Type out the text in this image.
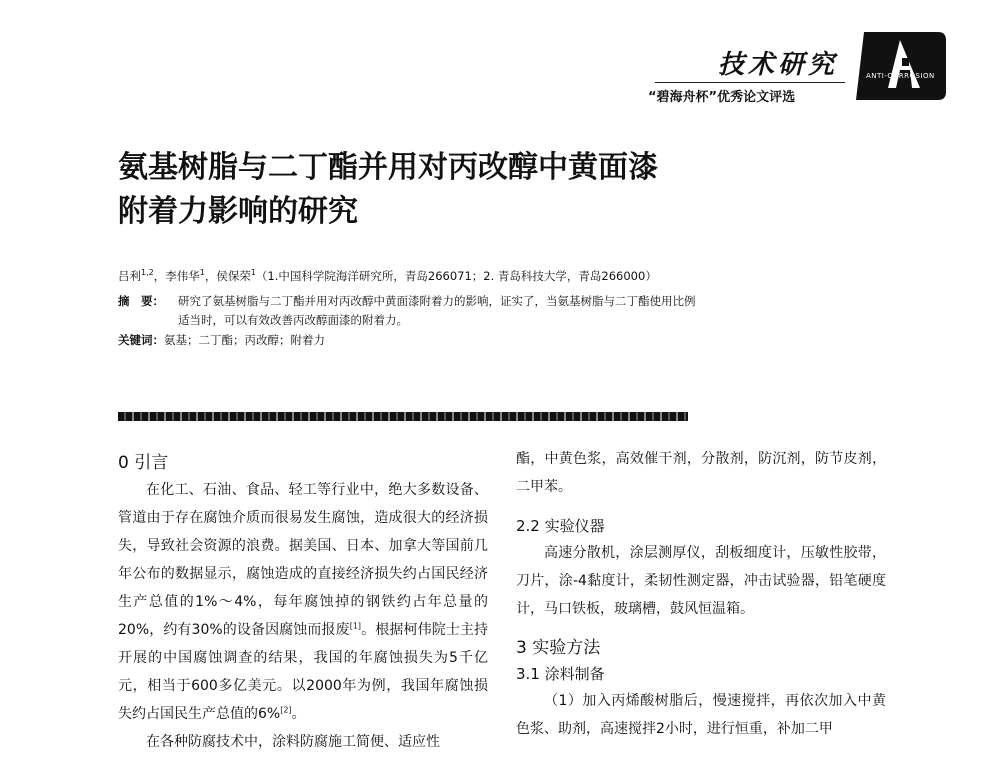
技术研究
“碧海舟杯”优秀论文评选
ANTI-CORROSION
氨基树脂与二丁酯并用对丙改醇中黄面漆
附着力影响的研究
吕利$^{1,2}$，李伟华$^1$，侯保荣$^1$（1.中国科学院海洋研究所，青岛266071；2. 青岛科技大学，青岛266000）
摘　要： 研究了氨基树脂与二丁酯并用对丙改醇中黄面漆附着力的影响，证实了，当氨基树脂与二丁酯使用比例
适当时，可以有效改善丙改醇面漆的附着力。
关键词：氨基；二丁酯；丙改醇；附着力
0 引言

在化工、石油、食品、轻工等行业中，绝大多数设备、管道由于存在腐蚀介质而很易发生腐蚀，造成很大的经济损失，导致社会资源的浪费。据美国、日本、加拿大等国前几年公布的数据显示，腐蚀造成的直接经济损失约占国民经济生产总值的1%～4%，每年腐蚀掉的钢铁约占年总量的20%，约有30%的设备因腐蚀而报废[1]。根据柯伟院士主持开展的中国腐蚀调查的结果，我国的年腐蚀损失为5千亿元，相当于600多亿美元。以2000年为例，我国年腐蚀损失约占国民生产总值的6%[2]。

在各种防腐技术中，涂料防腐施工简便、适应性

酯，中黄色浆，高效催干剂，分散剂，防沉剂，防节皮剂，二甲苯。

2.2 实验仪器

高速分散机，涂层测厚仪，刮板细度计，压敏性胶带，刀片，涂-4黏度计，柔韧性测定器，冲击试验器，铅笔硬度计，马口铁板，玻璃槽，鼓风恒温箱。

3 实验方法
3.1 涂料制备

（1）加入丙烯酸树脂后，慢速搅拌，再依次加入中黄色浆、助剂，高速搅拌2小时，进行恒重，补加二甲
